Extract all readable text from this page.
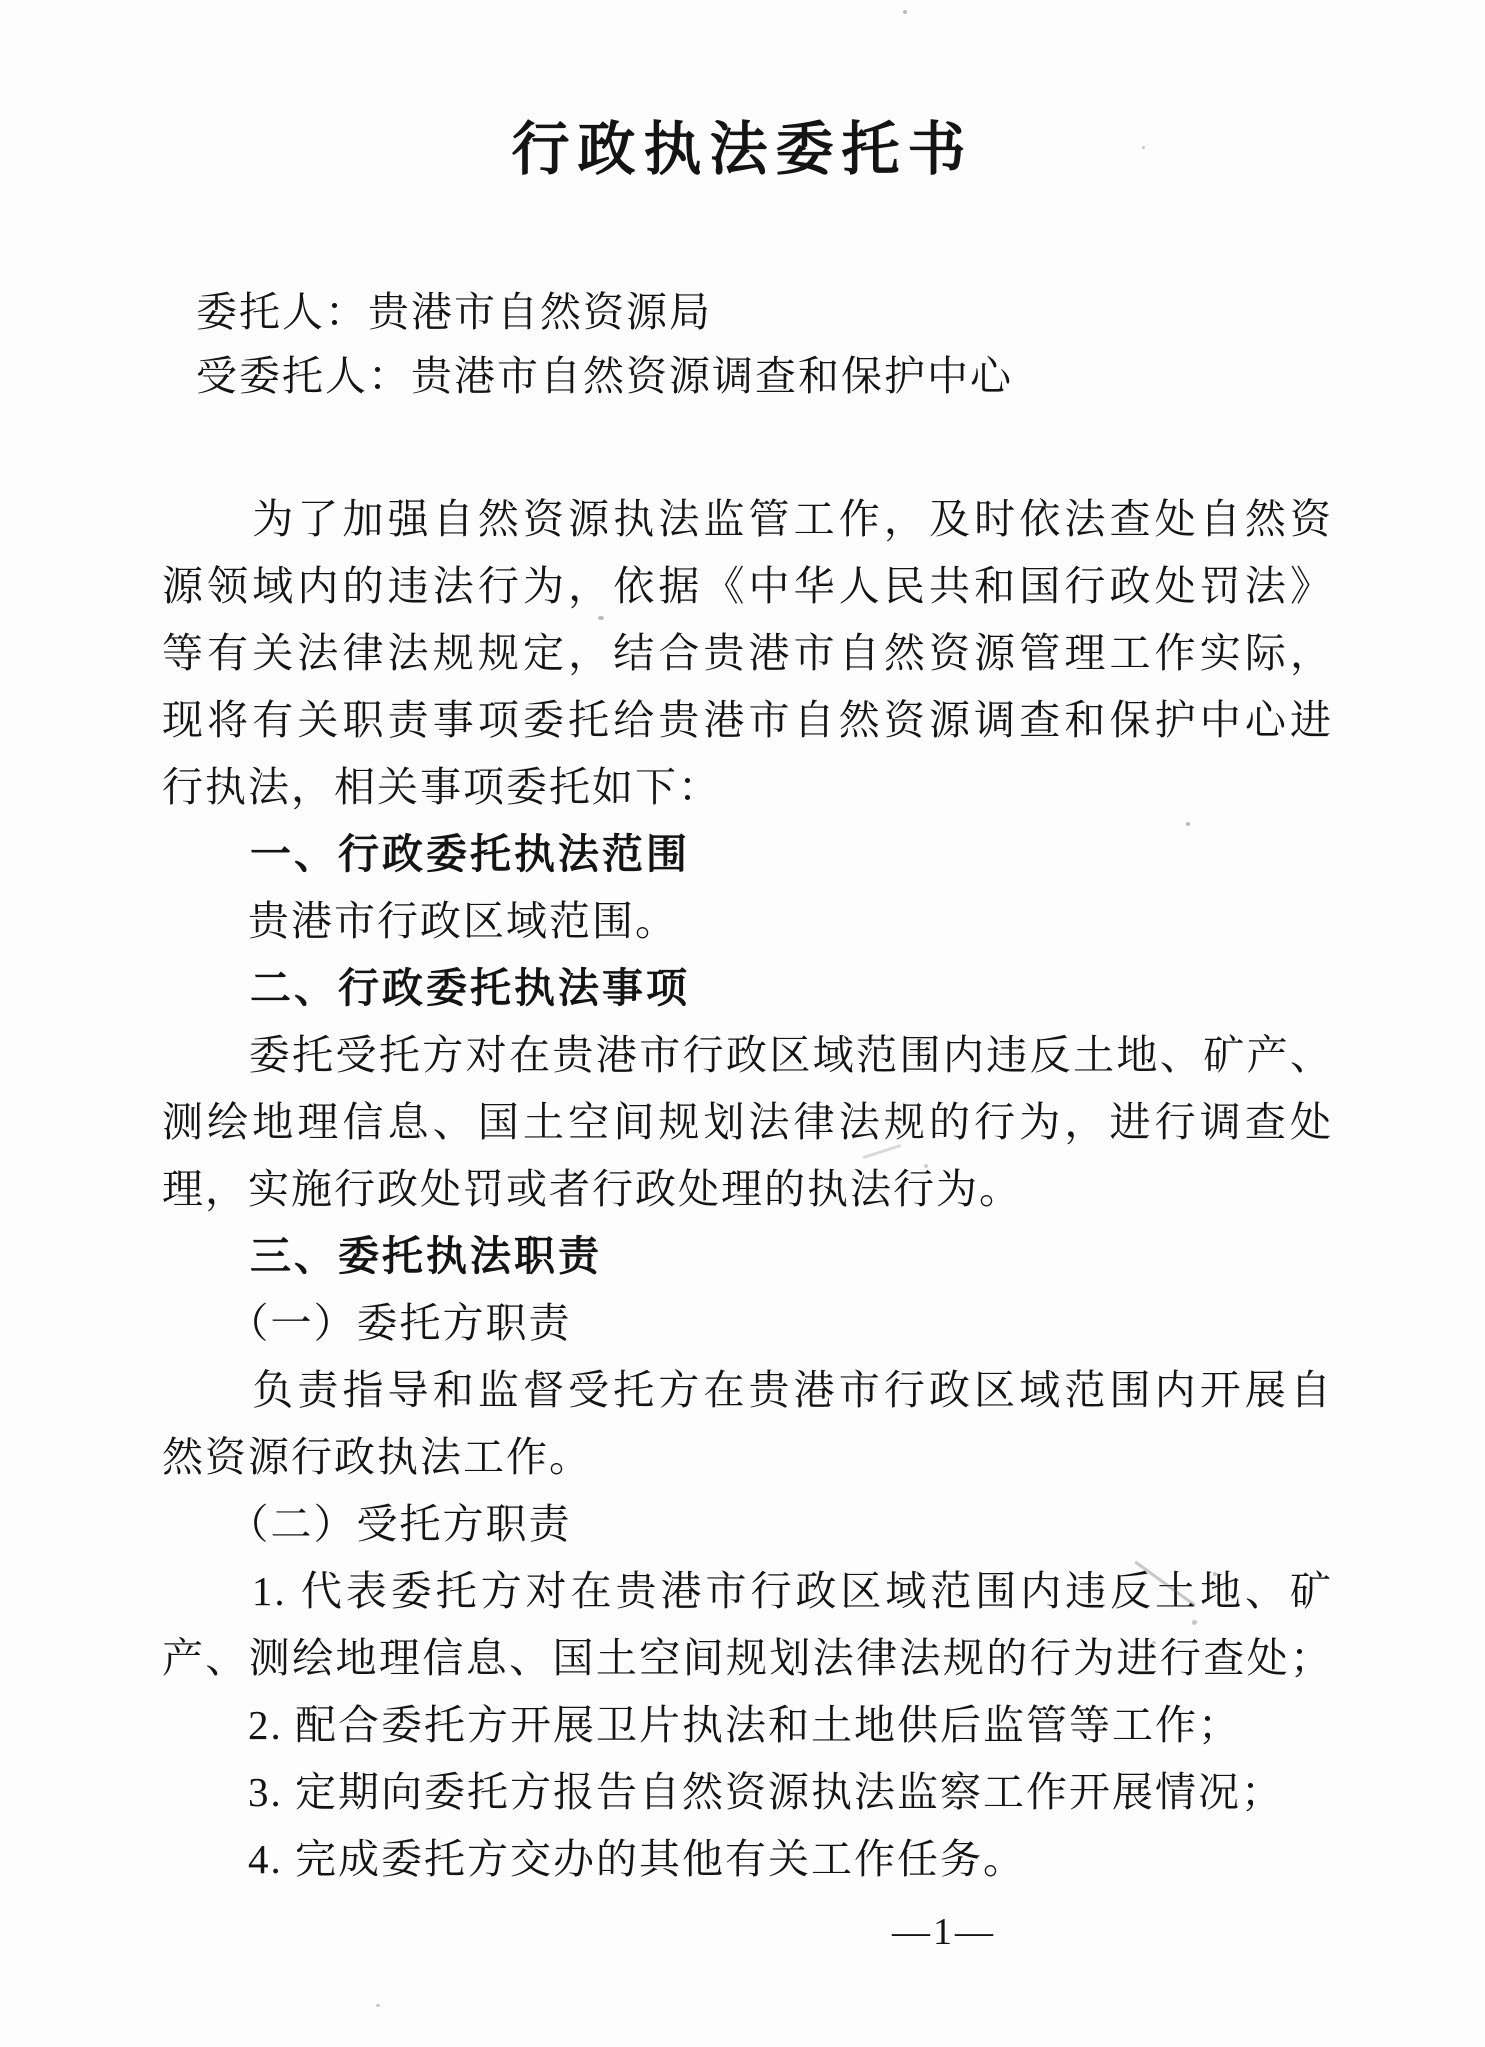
行政执法委托书
委托人：贵港市自然资源局
受委托人：贵港市自然资源调查和保护中心
　　为了加强自然资源执法监管工作，及时依法查处自然资
源领域内的违法行为，依据《中华人民共和国行政处罚法》
等有关法律法规规定，结合贵港市自然资源管理工作实际，
现将有关职责事项委托给贵港市自然资源调查和保护中心进
行执法，相关事项委托如下：
　　一、行政委托执法范围
　　贵港市行政区域范围。
　　二、行政委托执法事项
　　委托受托方对在贵港市行政区域范围内违反土地、矿产、
测绘地理信息、国土空间规划法律法规的行为，进行调查处
理，实施行政处罚或者行政处理的执法行为。
　　三、委托执法职责
　　（一）委托方职责
　　负责指导和监督受托方在贵港市行政区域范围内开展自
然资源行政执法工作。
　　（二）受托方职责
　　1. 代表委托方对在贵港市行政区域范围内违反土地、矿
产、测绘地理信息、国土空间规划法律法规的行为进行查处；
　　2. 配合委托方开展卫片执法和土地供后监管等工作；
　　3. 定期向委托方报告自然资源执法监察工作开展情况；
　　4. 完成委托方交办的其他有关工作任务。
—1—
